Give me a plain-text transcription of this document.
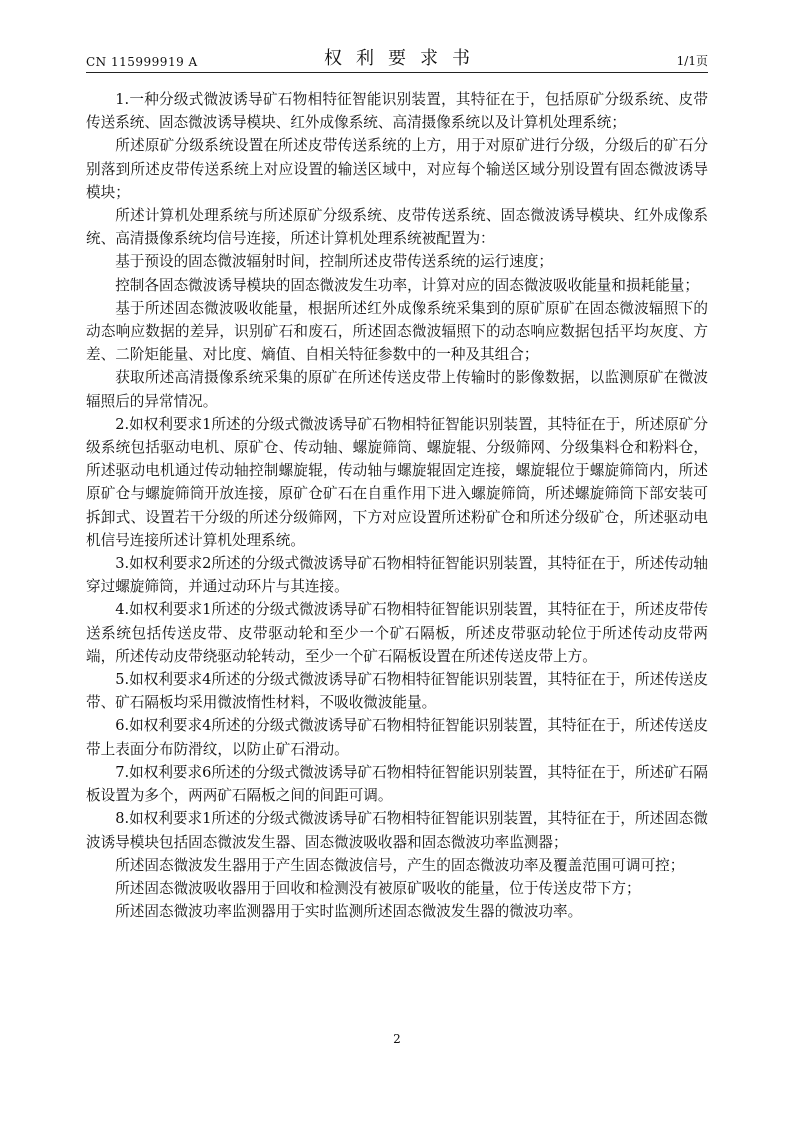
CN 115999919 A	权利要求书	1/1页

1.一种分级式微波诱导矿石物相特征智能识别装置，其特征在于，包括原矿分级系统、皮带传送系统、固态微波诱导模块、红外成像系统、高清摄像系统以及计算机处理系统；

所述原矿分级系统设置在所述皮带传送系统的上方，用于对原矿进行分级，分级后的矿石分别落到所述皮带传送系统上对应设置的输送区域中，对应每个输送区域分别设置有固态微波诱导模块；

所述计算机处理系统与所述原矿分级系统、皮带传送系统、固态微波诱导模块、红外成像系统、高清摄像系统均信号连接，所述计算机处理系统被配置为：

基于预设的固态微波辐射时间，控制所述皮带传送系统的运行速度；

控制各固态微波诱导模块的固态微波发生功率，计算对应的固态微波吸收能量和损耗能量；

基于所述固态微波吸收能量，根据所述红外成像系统采集到的原矿原矿在固态微波辐照下的动态响应数据的差异，识别矿石和废石，所述固态微波辐照下的动态响应数据包括平均灰度、方差、二阶矩能量、对比度、熵值、自相关特征参数中的一种及其组合；

获取所述高清摄像系统采集的原矿在所述传送皮带上传输时的影像数据，以监测原矿在微波辐照后的异常情况。

2.如权利要求1所述的分级式微波诱导矿石物相特征智能识别装置，其特征在于，所述原矿分级系统包括驱动电机、原矿仓、传动轴、螺旋筛筒、螺旋辊、分级筛网、分级集料仓和粉料仓，所述驱动电机通过传动轴控制螺旋辊，传动轴与螺旋辊固定连接，螺旋辊位于螺旋筛筒内，所述原矿仓与螺旋筛筒开放连接，原矿仓矿石在自重作用下进入螺旋筛筒，所述螺旋筛筒下部安装可拆卸式、设置若干分级的所述分级筛网，下方对应设置所述粉矿仓和所述分级矿仓，所述驱动电机信号连接所述计算机处理系统。

3.如权利要求2所述的分级式微波诱导矿石物相特征智能识别装置，其特征在于，所述传动轴穿过螺旋筛筒，并通过动环片与其连接。

4.如权利要求1所述的分级式微波诱导矿石物相特征智能识别装置，其特征在于，所述皮带传送系统包括传送皮带、皮带驱动轮和至少一个矿石隔板，所述皮带驱动轮位于所述传动皮带两端，所述传动皮带绕驱动轮转动，至少一个矿石隔板设置在所述传送皮带上方。

5.如权利要求4所述的分级式微波诱导矿石物相特征智能识别装置，其特征在于，所述传送皮带、矿石隔板均采用微波惰性材料，不吸收微波能量。

6.如权利要求4所述的分级式微波诱导矿石物相特征智能识别装置，其特征在于，所述传送皮带上表面分布防滑纹，以防止矿石滑动。

7.如权利要求6所述的分级式微波诱导矿石物相特征智能识别装置，其特征在于，所述矿石隔板设置为多个，两两矿石隔板之间的间距可调。

8.如权利要求1所述的分级式微波诱导矿石物相特征智能识别装置，其特征在于，所述固态微波诱导模块包括固态微波发生器、固态微波吸收器和固态微波功率监测器；

所述固态微波发生器用于产生固态微波信号，产生的固态微波功率及覆盖范围可调可控；

所述固态微波吸收器用于回收和检测没有被原矿吸收的能量，位于传送皮带下方；

所述固态微波功率监测器用于实时监测所述固态微波发生器的微波功率。

2
